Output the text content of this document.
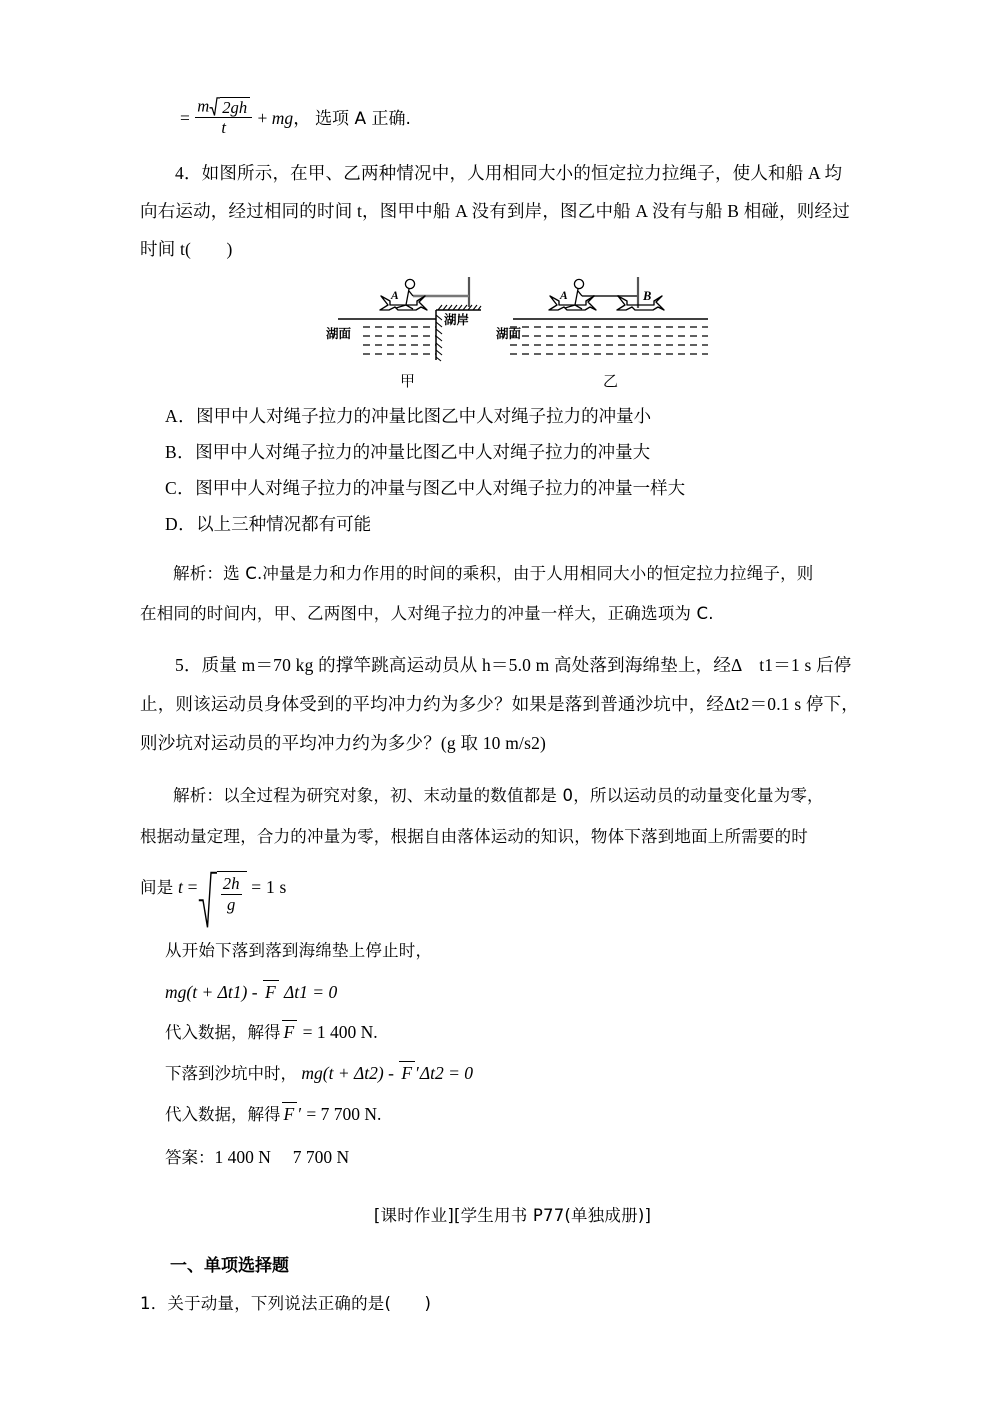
= $\frac{m 2gh}{t}$ + mg， 选项 A 正确.

4．如图所示，在甲、乙两种情况中，人用相同大小的恒定拉力拉绳子，使人和船 A 均

向右运动，经过相同的时间 t，图甲中船 A 没有到岸，图乙中船 A 没有与船 B 相碰，则经过

时间 t(　　)

A
湖面
湖岸
A	B
湖面
甲	乙

A．图甲中人对绳子拉力的冲量比图乙中人对绳子拉力的冲量小

B．图甲中人对绳子拉力的冲量比图乙中人对绳子拉力的冲量大

C．图甲中人对绳子拉力的冲量与图乙中人对绳子拉力的冲量一样大

D．以上三种情况都有可能

解析：选 C.冲量是力和力作用的时间的乘积，由于人用相同大小的恒定拉力拉绳子，则

在相同的时间内，甲、乙两图中，人对绳子拉力的冲量一样大，正确选项为 C.

5．质量 m＝70 kg 的撑竿跳高运动员从 h＝5.0 m 高处落到海绵垫上，经Δ　t1＝1 s 后停

止，则该运动员身体受到的平均冲力约为多少？如果是落到普通沙坑中，经Δt2＝0.1 s 停下，

则沙坑对运动员的平均冲力约为多少？(g 取 10 m/s2)

解析：以全过程为研究对象，初、末动量的数值都是 0，所以运动员的动量变化量为零，

根据动量定理，合力的冲量为零，根据自由落体运动的知识，物体下落到地面上所需要的时

间是 $t = \frac{2h}{g} = 1$ s

从开始下落到落到海绵垫上停止时，

mg(t + Δt1) - F Δt1 = 0

代入数据，解得 F = 1 400 N.

下落到沙坑中时， mg(t + Δt2) - F ′Δt2 = 0

代入数据，解得 F ′ = 7 700 N.

答案：1 400 N　 7 700 N

[课时作业][学生用书 P77(单独成册)]

一、单项选择题

1．关于动量，下列说法正确的是(　　)
